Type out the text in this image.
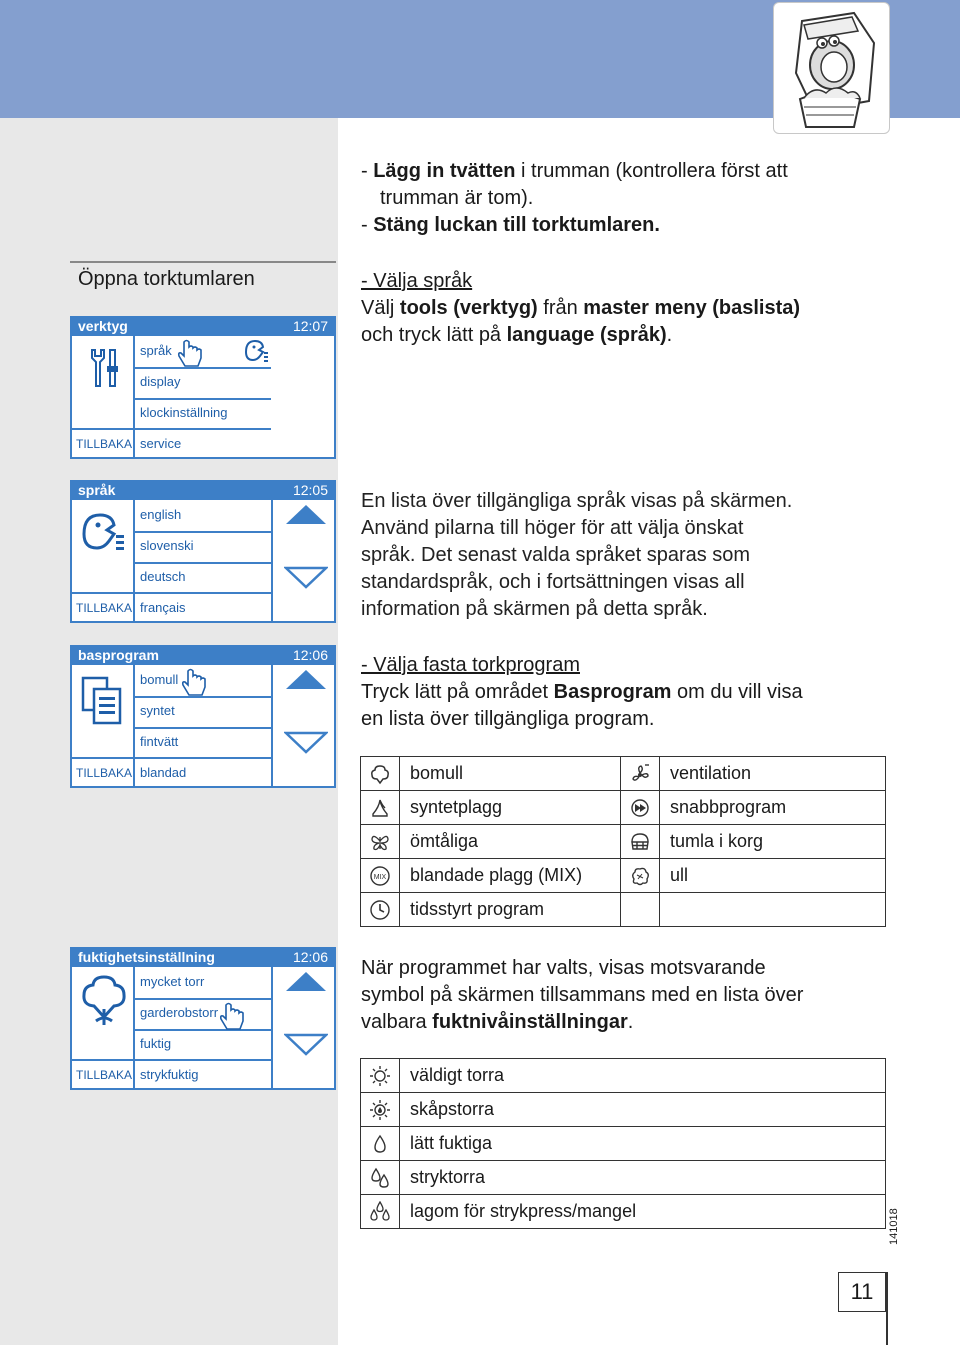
- Lägg in tvätten i trumman (kontrollera först att
trumman är tom).
- Stäng luckan till torktumlaren.
Öppna torktumlaren	- Välja språk
Välj tools (verktyg) från master meny (baslista)
och tryck lätt på language (språk).
verktyg	12:07
språk
display
klockinställning
service
TILLBAKA
språk	12:05
english
slovenski
deutsch
français
TILLBAKA
En lista över tillgängliga språk visas på skärmen.
Använd pilarna till höger för att välja önskat
språk. Det senast valda språket sparas som
standardspråk, och i fortsättningen visas all
information på skärmen på detta språk.
basprogram	12:06
bomull
syntet
fintvätt
blandad
TILLBAKA
- Välja fasta torkprogram
Tryck lätt på området Basprogram om du vill visa
en lista över tillgängliga program.
	bomull		ventilation
	syntetplagg		snabbprogram
	ömtåliga		tumla i korg

MIX	blandade plagg (MIX)		ull
	tidsstyrt program		
fuktighetsinställning	12:06
mycket torr
garderobstorr
fuktig
strykfuktig
TILLBAKA
När programmet har valts, visas motsvarande
symbol på skärmen tillsammans med en lista över
valbara fuktnivåinställningar.
	väldigt torra
	skåpstorra
	lätt fuktiga
	stryktorra
	lagom för strykpress/mangel	141018
11
